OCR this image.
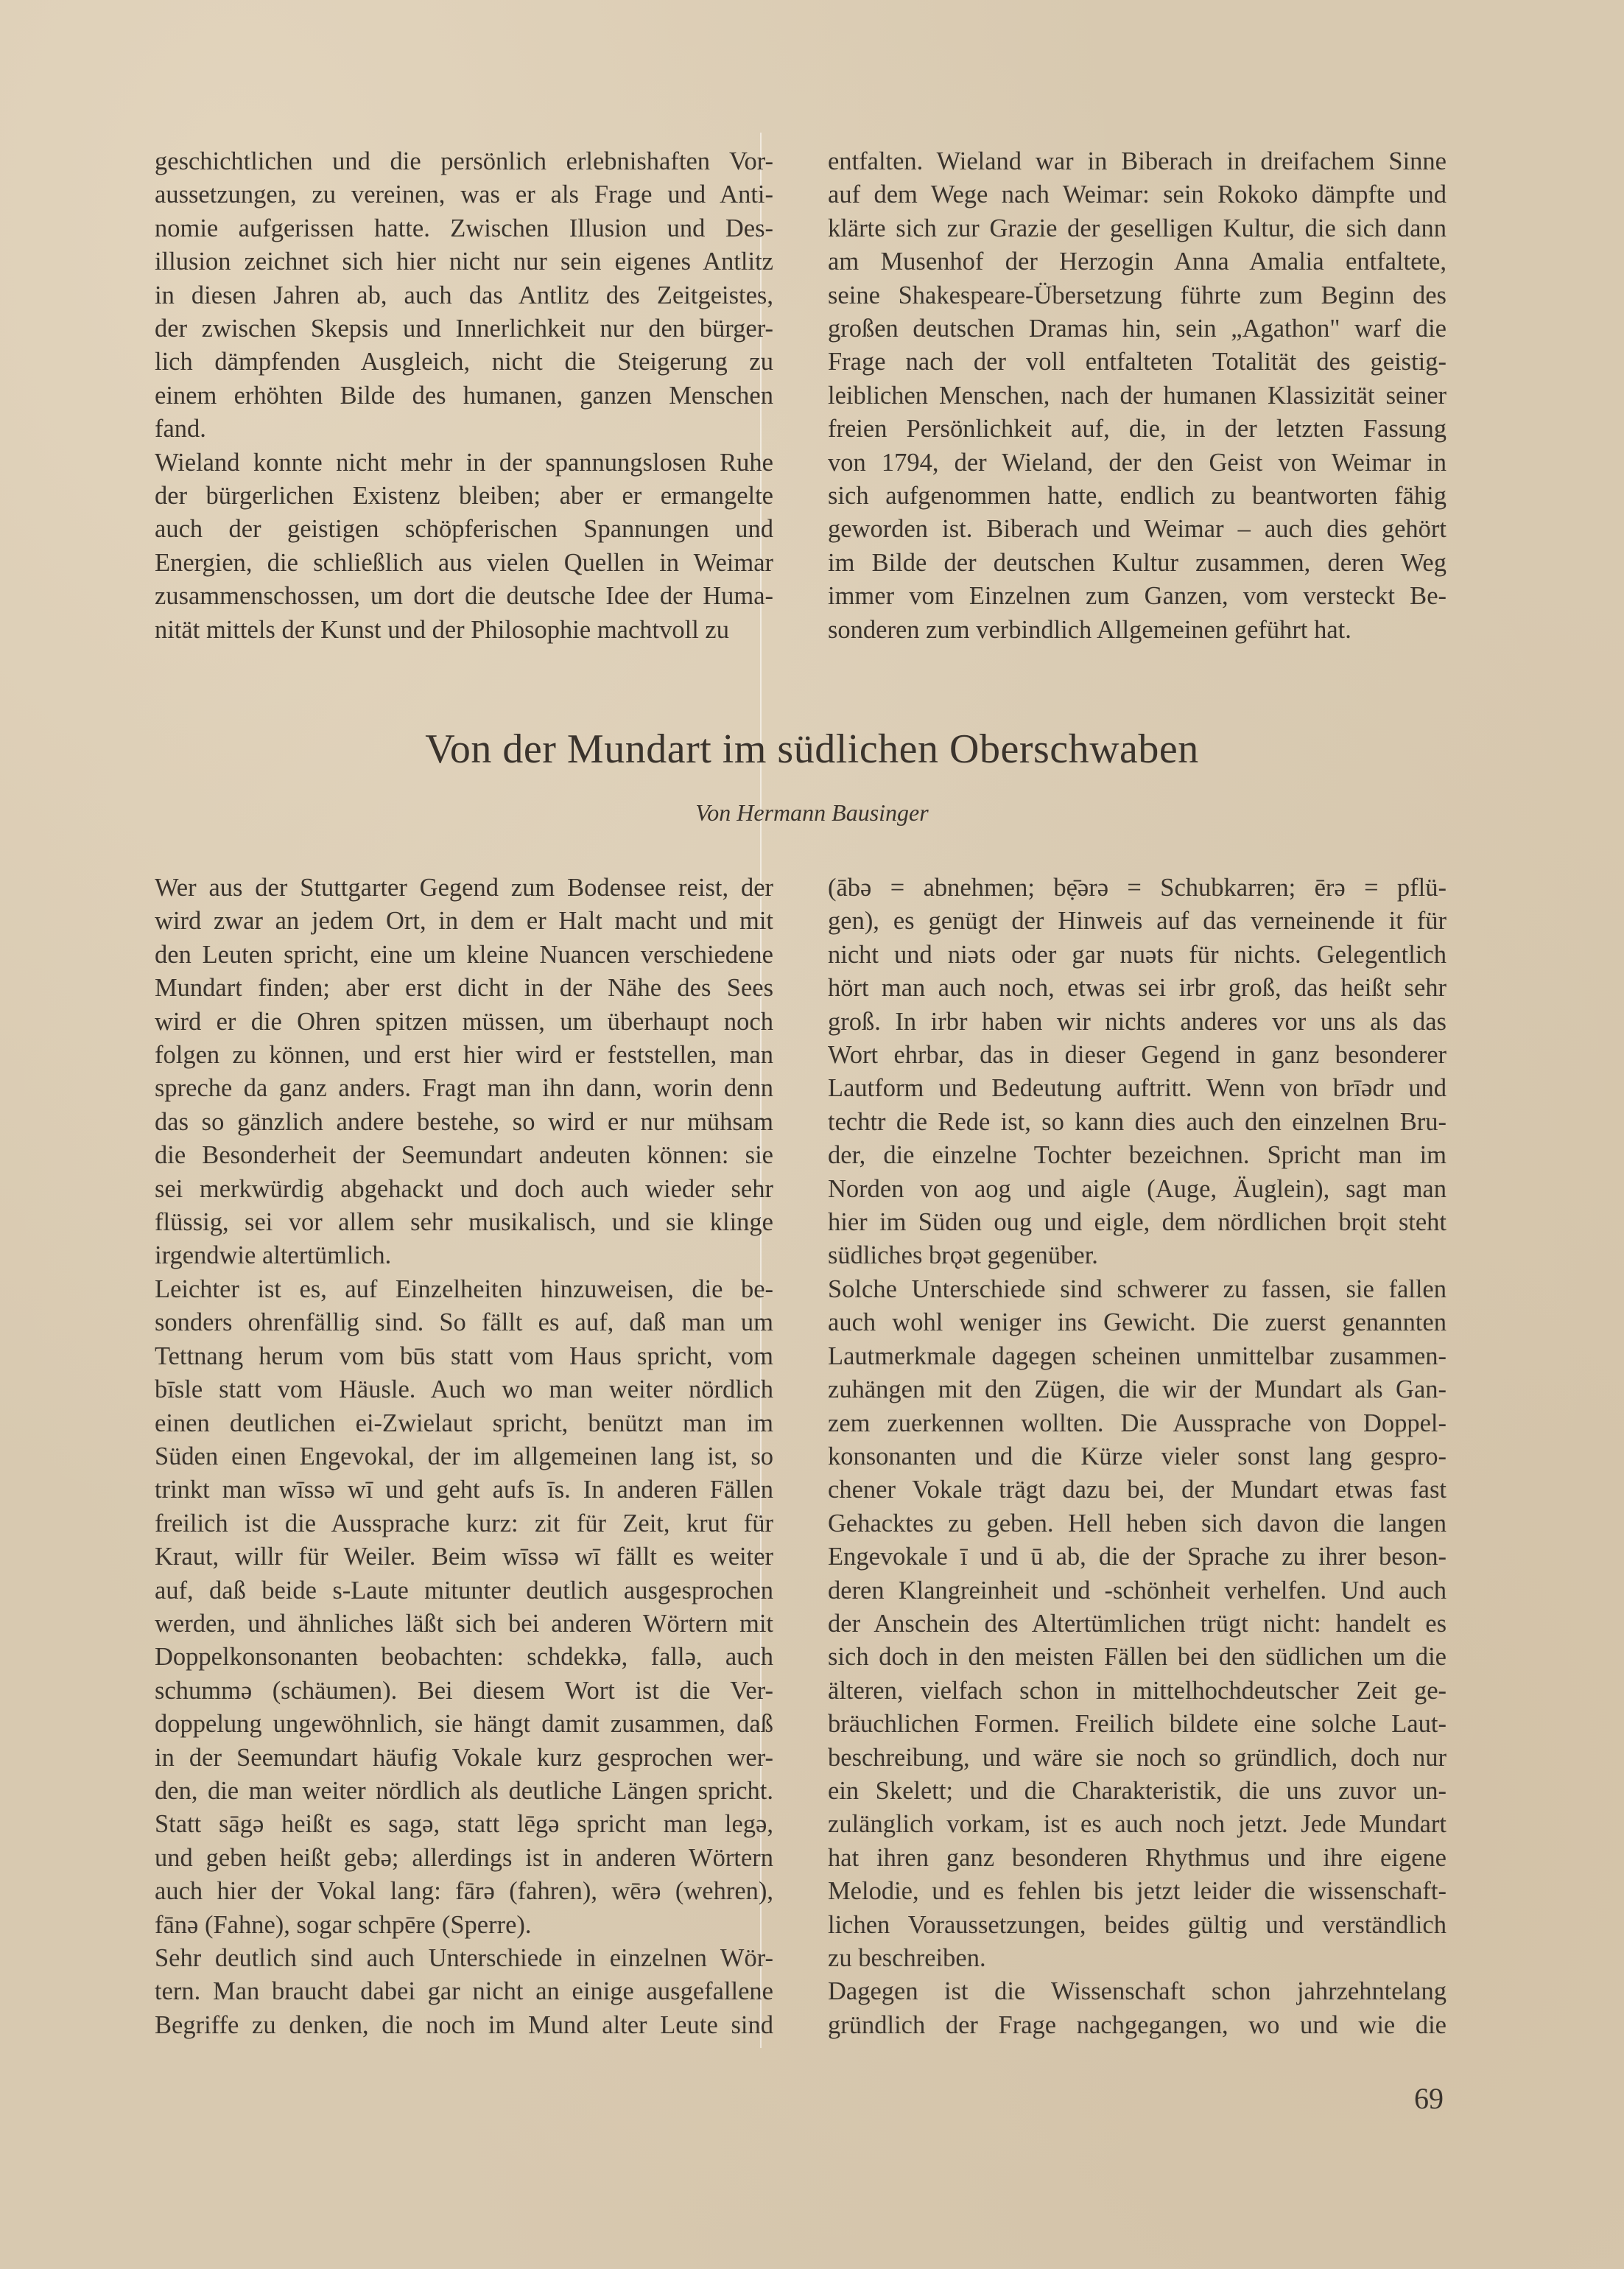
geschichtlichen und die persönlich erlebnishaften Vor-
aussetzungen, zu vereinen, was er als Frage und Anti-
nomie aufgerissen hatte. Zwischen Illusion und Des-
illusion zeichnet sich hier nicht nur sein eigenes Antlitz
in diesen Jahren ab, auch das Antlitz des Zeitgeistes,
der zwischen Skepsis und Innerlichkeit nur den bürger-
lich dämpfenden Ausgleich, nicht die Steigerung zu
einem erhöhten Bilde des humanen, ganzen Menschen
fand.
Wieland konnte nicht mehr in der spannungslosen Ruhe
der bürgerlichen Existenz bleiben; aber er ermangelte
auch der geistigen schöpferischen Spannungen und
Energien, die schließlich aus vielen Quellen in Weimar
zusammenschossen, um dort die deutsche Idee der Huma-
nität mittels der Kunst und der Philosophie machtvoll zu
entfalten. Wieland war in Biberach in dreifachem Sinne
auf dem Wege nach Weimar: sein Rokoko dämpfte und
klärte sich zur Grazie der geselligen Kultur, die sich dann
am Musenhof der Herzogin Anna Amalia entfaltete,
seine Shakespeare-Übersetzung führte zum Beginn des
großen deutschen Dramas hin, sein „Agathon" warf die
Frage nach der voll entfalteten Totalität des geistig-
leiblichen Menschen, nach der humanen Klassizität seiner
freien Persönlichkeit auf, die, in der letzten Fassung
von 1794, der Wieland, der den Geist von Weimar in
sich aufgenommen hatte, endlich zu beantworten fähig
geworden ist. Biberach und Weimar – auch dies gehört
im Bilde der deutschen Kultur zusammen, deren Weg
immer vom Einzelnen zum Ganzen, vom versteckt Be-
sonderen zum verbindlich Allgemeinen geführt hat.
Von der Mundart im südlichen Oberschwaben
Von Hermann Bausinger
Wer aus der Stuttgarter Gegend zum Bodensee reist, der
wird zwar an jedem Ort, in dem er Halt macht und mit
den Leuten spricht, eine um kleine Nuancen verschiedene
Mundart finden; aber erst dicht in der Nähe des Sees
wird er die Ohren spitzen müssen, um überhaupt noch
folgen zu können, und erst hier wird er feststellen, man
spreche da ganz anders. Fragt man ihn dann, worin denn
das so gänzlich andere bestehe, so wird er nur mühsam
die Besonderheit der Seemundart andeuten können: sie
sei merkwürdig abgehackt und doch auch wieder sehr
flüssig, sei vor allem sehr musikalisch, und sie klinge
irgendwie altertümlich.
Leichter ist es, auf Einzelheiten hinzuweisen, die be-
sonders ohrenfällig sind. So fällt es auf, daß man um
Tettnang herum vom būs statt vom Haus spricht, vom
bīsle statt vom Häusle. Auch wo man weiter nördlich
einen deutlichen ei-Zwielaut spricht, benützt man im
Süden einen Engevokal, der im allgemeinen lang ist, so
trinkt man wīssə wī und geht aufs īs. In anderen Fällen
freilich ist die Aussprache kurz: zit für Zeit, krut für
Kraut, willr für Weiler. Beim wīssə wī fällt es weiter
auf, daß beide s-Laute mitunter deutlich ausgesprochen
werden, und ähnliches läßt sich bei anderen Wörtern mit
Doppelkonsonanten beobachten: schdekkə, fallə, auch
schummə (schäumen). Bei diesem Wort ist die Ver-
doppelung ungewöhnlich, sie hängt damit zusammen, daß
in der Seemundart häufig Vokale kurz gesprochen wer-
den, die man weiter nördlich als deutliche Längen spricht.
Statt sāgə heißt es sagə, statt lēgə spricht man legə,
und geben heißt gebə; allerdings ist in anderen Wörtern
auch hier der Vokal lang: fārə (fahren), wērə (wehren),
fānə (Fahne), sogar schpēre (Sperre).
Sehr deutlich sind auch Unterschiede in einzelnen Wör-
tern. Man braucht dabei gar nicht an einige ausgefallene
Begriffe zu denken, die noch im Mund alter Leute sind
(ābə = abnehmen; bẹ̄ərə = Schubkarren; ērə = pflü-
gen), es genügt der Hinweis auf das verneinende it für
nicht und niəts oder gar nuəts für nichts. Gelegentlich
hört man auch noch, etwas sei irbr groß, das heißt sehr
groß. In irbr haben wir nichts anderes vor uns als das
Wort ehrbar, das in dieser Gegend in ganz besonderer
Lautform und Bedeutung auftritt. Wenn von brīədr und
techtr die Rede ist, so kann dies auch den einzelnen Bru-
der, die einzelne Tochter bezeichnen. Spricht man im
Norden von aog und aigle (Auge, Äuglein), sagt man
hier im Süden oug und eigle, dem nördlichen brǫit steht
südliches brǫət gegenüber.
Solche Unterschiede sind schwerer zu fassen, sie fallen
auch wohl weniger ins Gewicht. Die zuerst genannten
Lautmerkmale dagegen scheinen unmittelbar zusammen-
zuhängen mit den Zügen, die wir der Mundart als Gan-
zem zuerkennen wollten. Die Aussprache von Doppel-
konsonanten und die Kürze vieler sonst lang gespro-
chener Vokale trägt dazu bei, der Mundart etwas fast
Gehacktes zu geben. Hell heben sich davon die langen
Engevokale ī und ū ab, die der Sprache zu ihrer beson-
deren Klangreinheit und -schönheit verhelfen. Und auch
der Anschein des Altertümlichen trügt nicht: handelt es
sich doch in den meisten Fällen bei den südlichen um die
älteren, vielfach schon in mittelhochdeutscher Zeit ge-
bräuchlichen Formen. Freilich bildete eine solche Laut-
beschreibung, und wäre sie noch so gründlich, doch nur
ein Skelett; und die Charakteristik, die uns zuvor un-
zulänglich vorkam, ist es auch noch jetzt. Jede Mundart
hat ihren ganz besonderen Rhythmus und ihre eigene
Melodie, und es fehlen bis jetzt leider die wissenschaft-
lichen Voraussetzungen, beides gültig und verständlich
zu beschreiben.
Dagegen ist die Wissenschaft schon jahrzehntelang
gründlich der Frage nachgegangen, wo und wie die
69
